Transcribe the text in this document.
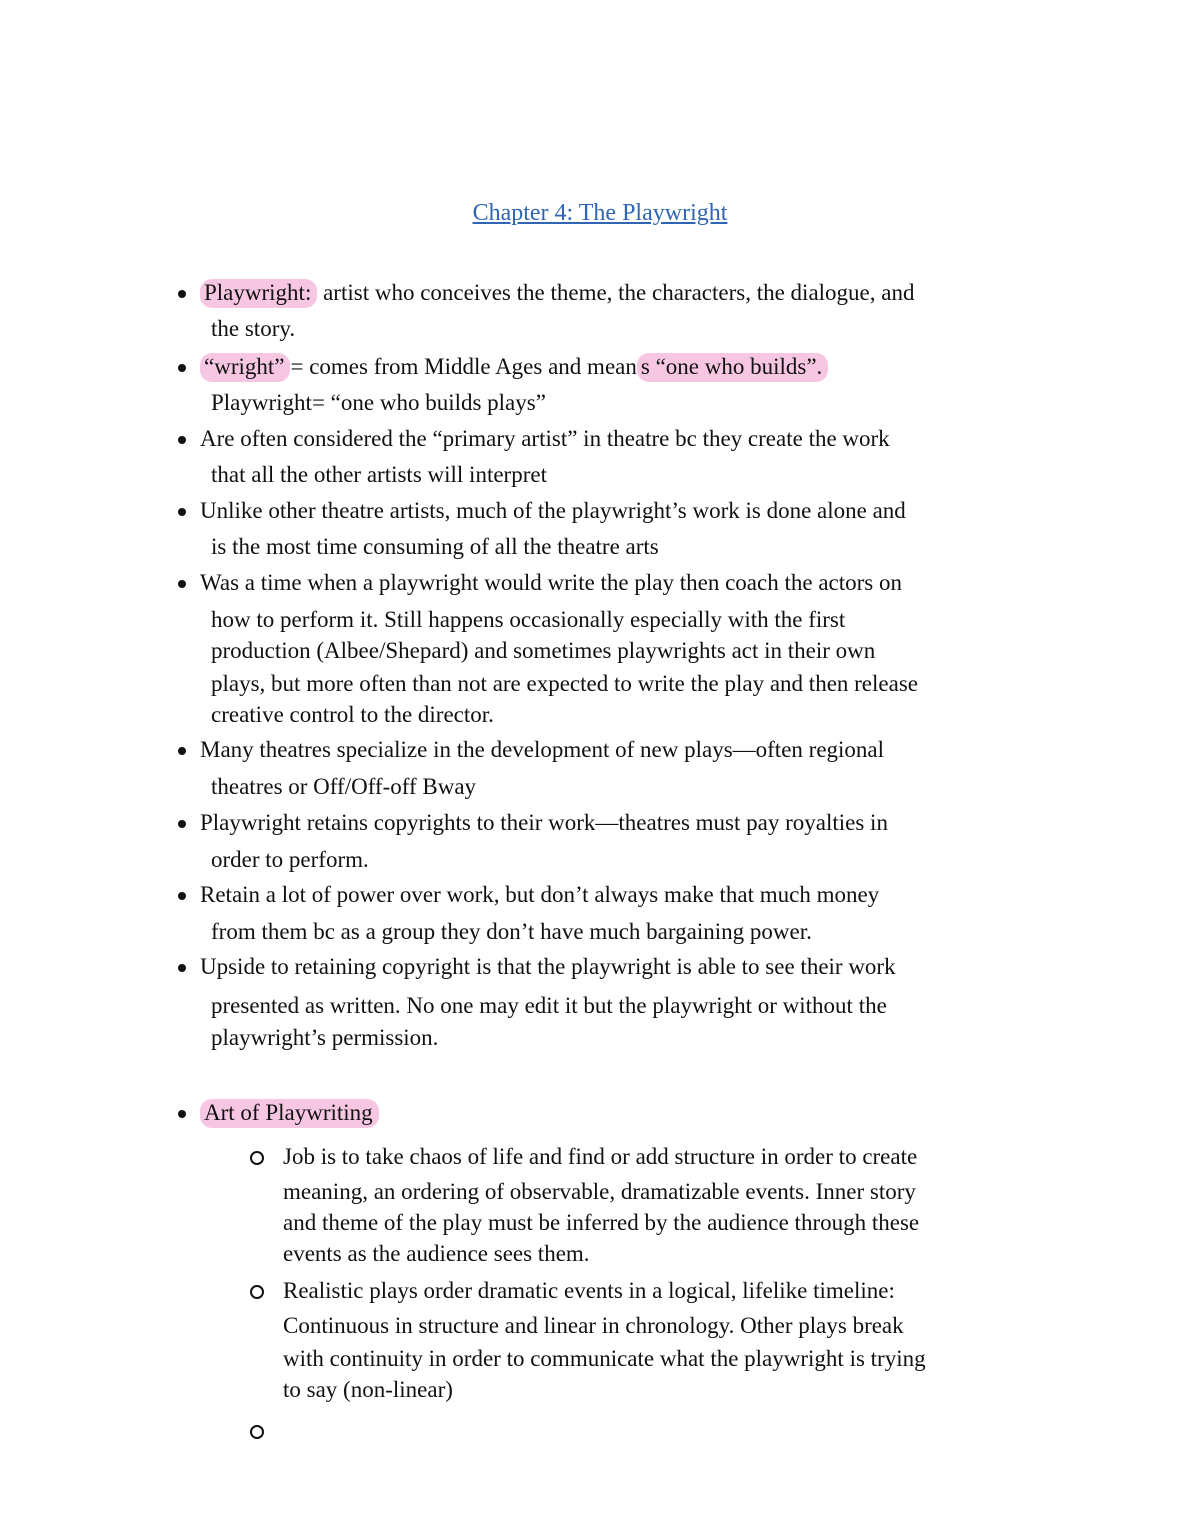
Chapter 4: The Playwright
Playwright: artist who conceives the theme, the characters, the dialogue, and
the story.
“wright” = comes from Middle Ages and mean s “one who builds”.
Playwright= “one who builds plays”
Are often considered the “primary artist” in theatre bc they create the work
that all the other artists will interpret
Unlike other theatre artists, much of the playwright’s work is done alone and
is the most time consuming of all the theatre arts
Was a time when a playwright would write the play then coach the actors on
how to perform it. Still happens occasionally especially with the first
production (Albee/Shepard) and sometimes playwrights act in their own
plays, but more often than not are expected to write the play and then release
creative control to the director.
Many theatres specialize in the development of new plays—often regional
theatres or Off/Off-off Bway
Playwright retains copyrights to their work—theatres must pay royalties in
order to perform.
Retain a lot of power over work, but don’t always make that much money
from them bc as a group they don’t have much bargaining power.
Upside to retaining copyright is that the playwright is able to see their work
presented as written. No one may edit it but the playwright or without the
playwright’s permission.
Art of Playwriting
Job is to take chaos of life and find or add structure in order to create
meaning, an ordering of observable, dramatizable events. Inner story
and theme of the play must be inferred by the audience through these
events as the audience sees them.
Realistic plays order dramatic events in a logical, lifelike timeline:
Continuous in structure and linear in chronology. Other plays break
with continuity in order to communicate what the playwright is trying
to say (non-linear)
